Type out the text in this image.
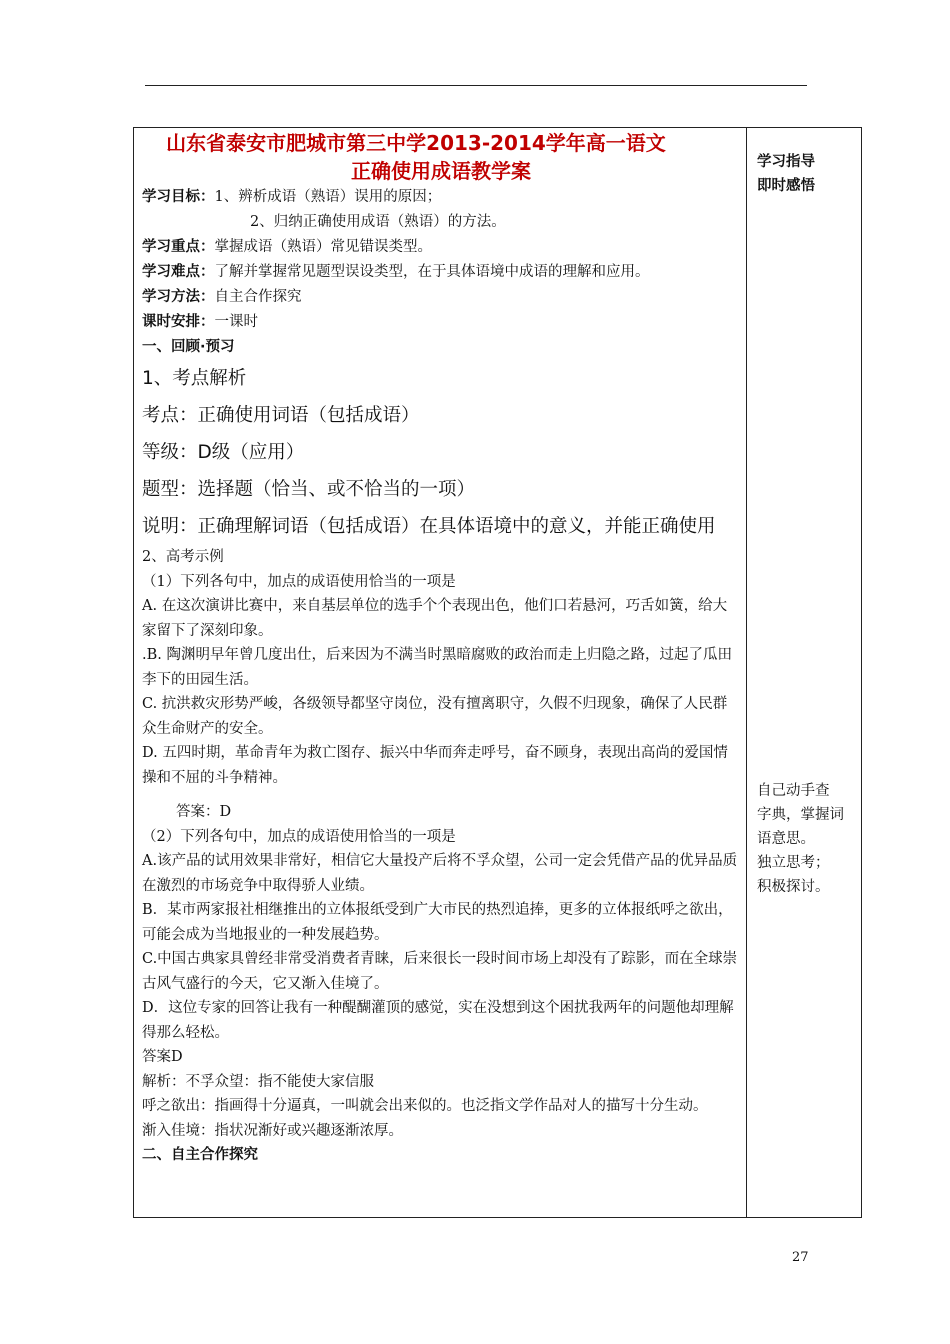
山东省泰安市肥城市第三中学2013-2014学年高一语文
正确使用成语教学案
学习目标：1、辨析成语（熟语）误用的原因；
2、归纳正确使用成语（熟语）的方法。
学习重点：掌握成语（熟语）常见错误类型。
学习难点：了解并掌握常见题型误设类型，在于具体语境中成语的理解和应用。
学习方法：自主合作探究
课时安排：一课时
一、回顾·预习
1、考点解析
考点：正确使用词语（包括成语）
等级：D级（应用）
题型：选择题（恰当、或不恰当的一项）
说明：正确理解词语（包括成语）在具体语境中的意义，并能正确使用
2、高考示例
（1）下列各句中，加点的成语使用恰当的一项是
A. 在这次演讲比赛中，来自基层单位的选手个个表现出色，他们口若悬河，巧舌如簧，给大家留下了深刻印象。
.B. 陶渊明早年曾几度出仕，后来因为不满当时黑暗腐败的政治而走上归隐之路，过起了瓜田李下的田园生活。
C. 抗洪救灾形势严峻，各级领导都坚守岗位，没有擅离职守，久假不归现象，确保了人民群众生命财产的安全。
D. 五四时期，革命青年为救亡图存、振兴中华而奔走呼号，奋不顾身，表现出高尚的爱国情操和不屈的斗争精神。
答案：D
（2）下列各句中，加点的成语使用恰当的一项是
A.该产品的试用效果非常好，相信它大量投产后将不孚众望，公司一定会凭借产品的优异品质在激烈的市场竞争中取得骄人业绩。
B．某市两家报社相继推出的立体报纸受到广大市民的热烈追捧，更多的立体报纸呼之欲出，可能会成为当地报业的一种发展趋势。
C.中国古典家具曾经非常受消费者青睐，后来很长一段时间市场上却没有了踪影，而在全球崇古风气盛行的今天，它又渐入佳境了。
D．这位专家的回答让我有一种醍醐灌顶的感觉，实在没想到这个困扰我两年的问题他却理解得那么轻松。
答案D
解析：不孚众望：指不能使大家信服
呼之欲出：指画得十分逼真，一叫就会出来似的。也泛指文学作品对人的描写十分生动。
渐入佳境：指状况渐好或兴趣逐渐浓厚。
二、自主合作探究
学习指导
即时感悟
自己动手查
字典，掌握词
语意思。
独立思考；
积极探讨。
27
